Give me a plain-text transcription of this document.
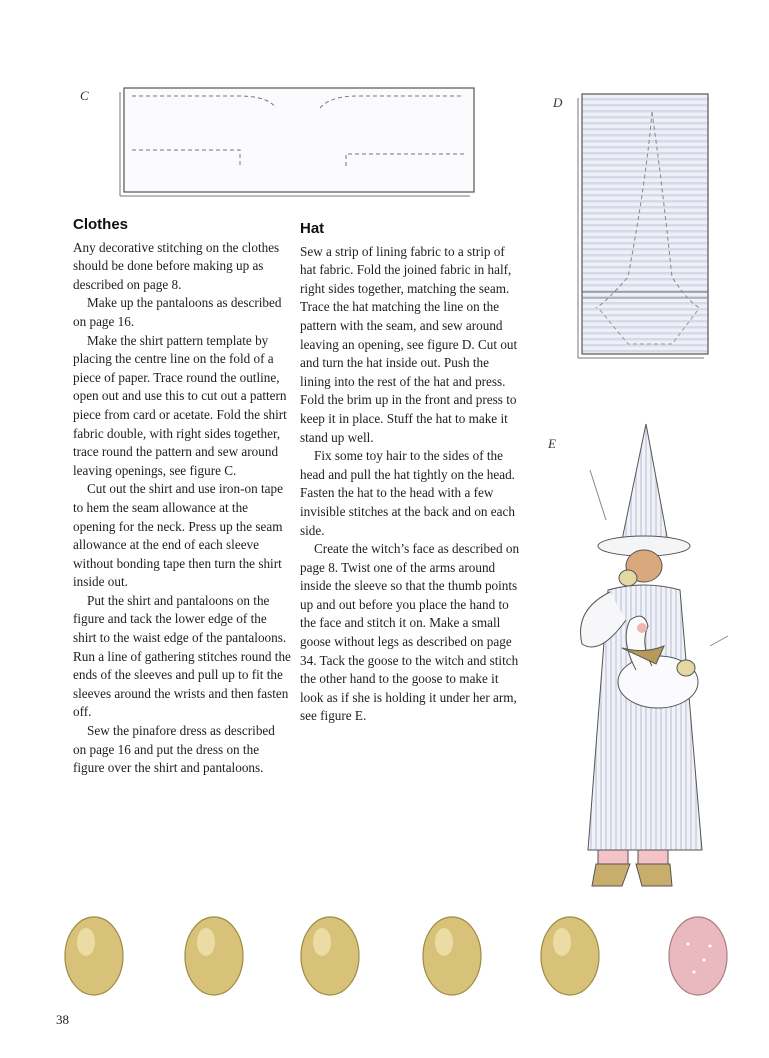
C	D
Clothes

Any decorative stitching on the clothes should be done before making up as described on page 8.

Make up the pantaloons as described on page 16.

Make the shirt pattern template by placing the centre line on the fold of a piece of paper. Trace round the outline, open out and use this to cut out a pattern piece from card or acetate. Fold the shirt fabric double, with right sides together, trace round the pattern and sew around leaving openings, see figure C.

Cut out the shirt and use iron-on tape to hem the seam allowance at the opening for the neck. Press up the seam allowance at the end of each sleeve without bonding tape then turn the shirt inside out.

Put the shirt and pantaloons on the figure and tack the lower edge of the shirt to the waist edge of the pantaloons. Run a line of gathering stitches round the ends of the sleeves and pull up to fit the sleeves around the wrists and then fasten off.

Sew the pinafore dress as described on page 16 and put the dress on the figure over the shirt and pantaloons.

Hat

Sew a strip of lining fabric to a strip of hat fabric. Fold the joined fabric in half, right sides together, matching the seam. Trace the hat matching the line on the pattern with the seam, and sew around leaving an opening, see figure D. Cut out and turn the hat inside out. Push the lining into the rest of the hat and press. Fold the brim up in the front and press to keep it in place. Stuff the hat to make it stand up well.

Fix some toy hair to the sides of the head and pull the hat tightly on the head. Fasten the hat to the head with a few invisible stitches at the back and on each side.

Create the witch’s face as described on page 8. Twist one of the arms around inside the sleeve so that the thumb points up and out before you place the hand to the face and stitch it on. Make a small goose without legs as described on page 34. Tack the goose to the witch and stitch the other hand to the goose to make it look as if she is holding it under her arm, see figure E.

E
38
